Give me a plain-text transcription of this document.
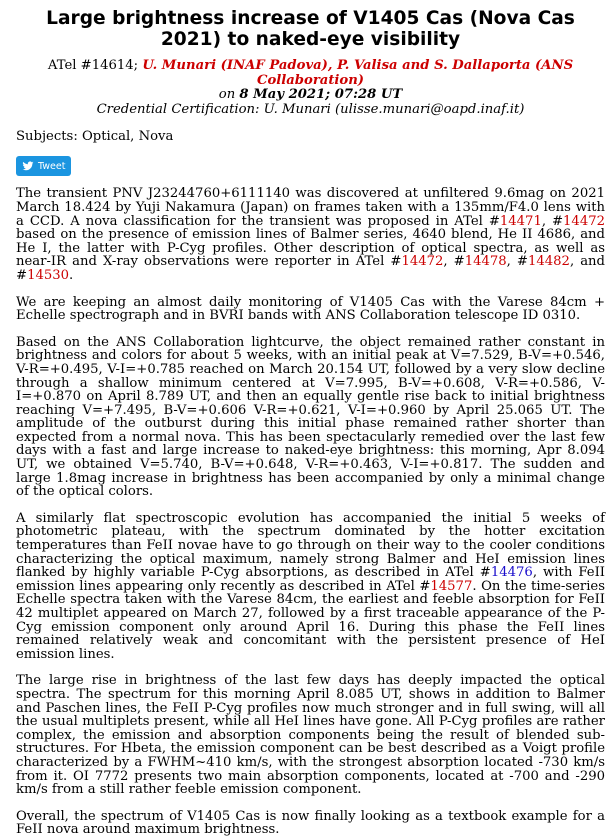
Large brightness increase of V1405 Cas (Nova Cas 2021) to naked-eye visibility
ATel #14614; U. Munari (INAF Padova), P. Valisa and S. Dallaporta (ANS Collaboration)
on 8 May 2021; 07:28 UT
Credential Certification: U. Munari (ulisse.munari@oapd.inaf.it)
Subjects: Optical, Nova
Tweet

The transient PNV J23244760+6111140 was discovered at unfiltered 9.6mag on 2021 March 18.424 by Yuji Nakamura (Japan) on frames taken with a 135mm/F4.0 lens with a CCD. A nova classification for the transient was proposed in ATel #14471, #14472 based on the presence of emission lines of Balmer series, 4640 blend, He II 4686, and He I, the latter with P-Cyg profiles. Other description of optical spectra, as well as near-IR and X-ray observations were reporter in ATel #14472, #14478, #14482, and #14530.

We are keeping an almost daily monitoring of V1405 Cas with the Varese 84cm + Echelle spectrograph and in BVRI bands with ANS Collaboration telescope ID 0310.

Based on the ANS Collaboration lightcurve, the object remained rather constant in brightness and colors for about 5 weeks, with an initial peak at V=7.529, B-V=+0.546, V-R=+0.495, V-I=+0.785 reached on March 20.154 UT, followed by a very slow decline through a shallow minimum centered at V=7.995, B-V=+0.608, V-R=+0.586, V-I=+0.870 on April 8.789 UT, and then an equally gentle rise back to initial brightness reaching V=+7.495, B-V=+0.606 V-R=+0.621, V-I=+0.960 by April 25.065 UT. The amplitude of the outburst during this initial phase remained rather shorter than expected from a normal nova. This has been spectacularly remedied over the last few days with a fast and large increase to naked-eye brightness: this morning, Apr 8.094 UT, we obtained V=5.740, B-V=+0.648, V-R=+0.463, V-I=+0.817. The sudden and large 1.8mag increase in brightness has been accompanied by only a minimal change of the optical colors.

A similarly flat spectroscopic evolution has accompanied the initial 5 weeks of photometric plateau, with the spectrum dominated by the hotter excitation temperatures than FeII novae have to go through on their way to the cooler conditions characterizing the optical maximum, namely strong Balmer and HeI emission lines flanked by highly variable P-Cyg absorptions, as described in ATel #14476, with FeII emission lines appearing only recently as described in ATel #14577. On the time-series Echelle spectra taken with the Varese 84cm, the earliest and feeble absorption for FeII 42 multiplet appeared on March 27, followed by a first traceable appearance of the P-Cyg emission component only around April 16. During this phase the FeII lines remained relatively weak and concomitant with the persistent presence of HeI emission lines.

The large rise in brightness of the last few days has deeply impacted the optical spectra. The spectrum for this morning April 8.085 UT, shows in addition to Balmer and Paschen lines, the FeII P-Cyg profiles now much stronger and in full swing, will all the usual multiplets present, while all HeI lines have gone. All P-Cyg profiles are rather complex, the emission and absorption components being the result of blended sub-structures. For Hbeta, the emission component can be best described as a Voigt profile characterized by a FWHM~410 km/s, with the strongest absorption located -730 km/s from it. OI 7772 presents two main absorption components, located at -700 and -290 km/s from a still rather feeble emission component.

Overall, the spectrum of V1405 Cas is now finally looking as a textbook example for a FeII nova around maximum brightness.
